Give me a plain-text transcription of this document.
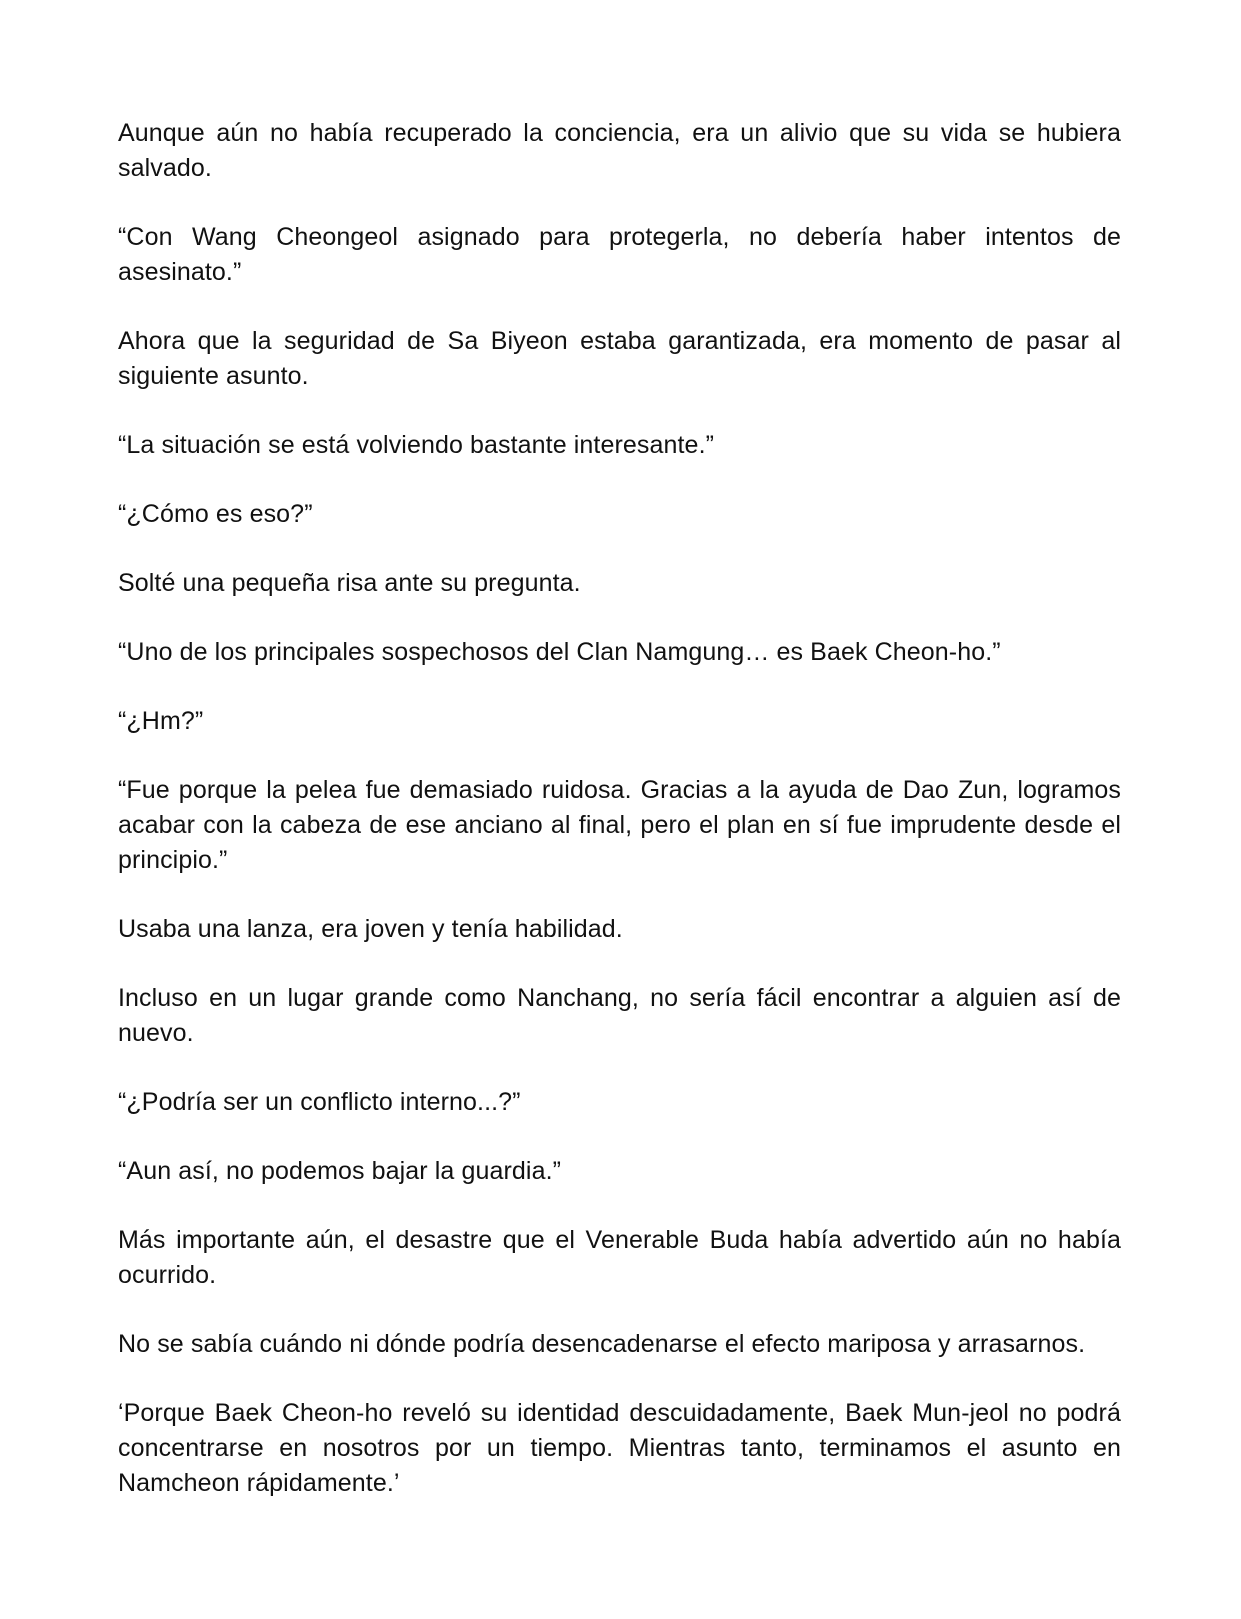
Aunque aún no había recuperado la conciencia, era un alivio que su vida se hubiera salvado.

“Con Wang Cheongeol asignado para protegerla, no debería haber intentos de asesinato.”

Ahora que la seguridad de Sa Biyeon estaba garantizada, era momento de pasar al siguiente asunto.

“La situación se está volviendo bastante interesante.”

“¿Cómo es eso?”

Solté una pequeña risa ante su pregunta.

“Uno de los principales sospechosos del Clan Namgung… es Baek Cheon-ho.”

“¿Hm?”

“Fue porque la pelea fue demasiado ruidosa. Gracias a la ayuda de Dao Zun, logramos acabar con la cabeza de ese anciano al final, pero el plan en sí fue imprudente desde el principio.”

Usaba una lanza, era joven y tenía habilidad.

Incluso en un lugar grande como Nanchang, no sería fácil encontrar a alguien así de nuevo.

“¿Podría ser un conflicto interno...?”

“Aun así, no podemos bajar la guardia.”

Más importante aún, el desastre que el Venerable Buda había advertido aún no había ocurrido.

No se sabía cuándo ni dónde podría desencadenarse el efecto mariposa y arrasarnos.

‘Porque Baek Cheon-ho reveló su identidad descuidadamente, Baek Mun-jeol no podrá concentrarse en nosotros por un tiempo. Mientras tanto, terminamos el asunto en Namcheon rápidamente.’
